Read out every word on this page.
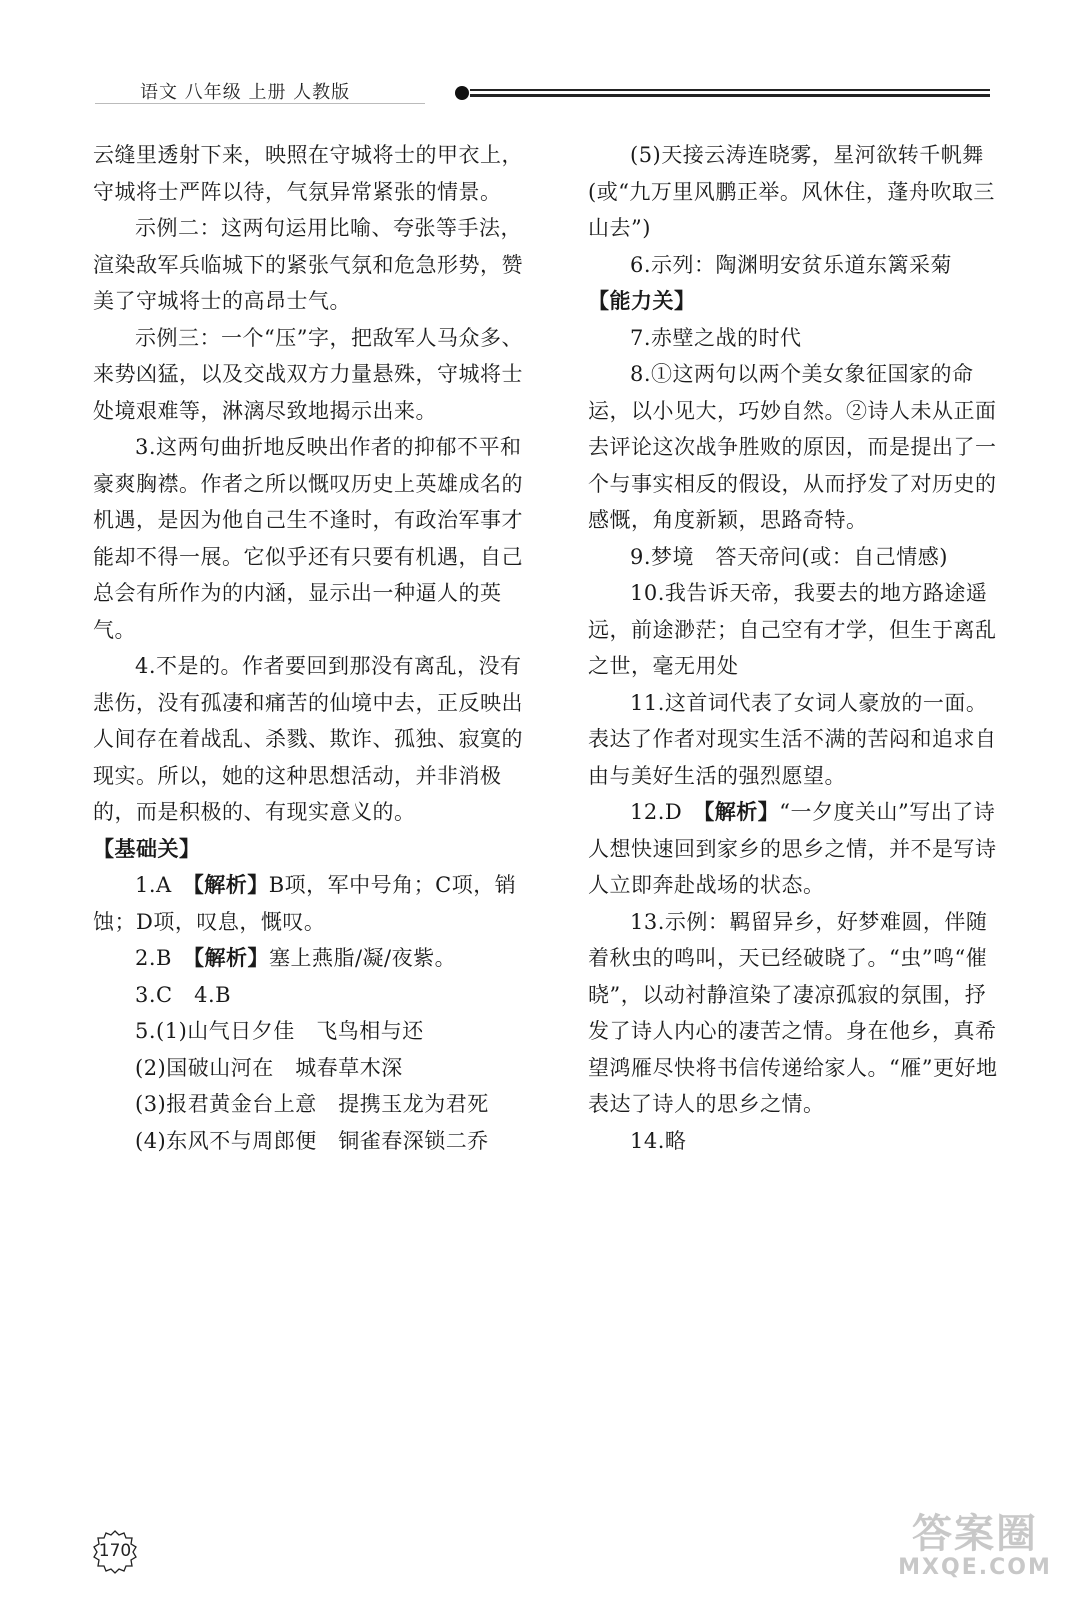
语文 八年级 上册 人教版

云缝里透射下来，映照在守城将士的甲衣上，守城将士严阵以待，气氛异常紧张的情景。

示例二：这两句运用比喻、夸张等手法，渲染敌军兵临城下的紧张气氛和危急形势，赞美了守城将士的高昂士气。

示例三：一个“压”字，把敌军人马众多、来势凶猛，以及交战双方力量悬殊，守城将士处境艰难等，淋漓尽致地揭示出来。

3.这两句曲折地反映出作者的抑郁不平和豪爽胸襟。作者之所以慨叹历史上英雄成名的机遇，是因为他自己生不逢时，有政治军事才能却不得一展。它似乎还有只要有机遇，自己总会有所作为的内涵，显示出一种逼人的英气。

4.不是的。作者要回到那没有离乱，没有悲伤，没有孤凄和痛苦的仙境中去，正反映出人间存在着战乱、杀戮、欺诈、孤独、寂寞的现实。所以，她的这种思想活动，并非消极的，而是积极的、有现实意义的。

【基础关】

1.A　【解析】B项，军中号角；C项，销蚀；D项，叹息，慨叹。

2.B　【解析】塞上燕脂/凝/夜紫。

3.C　4.B

5.(1)山气日夕佳　飞鸟相与还

(2)国破山河在　城春草木深

(3)报君黄金台上意　提携玉龙为君死

(4)东风不与周郎便　铜雀春深锁二乔

(5)天接云涛连晓雾，星河欲转千帆舞(或“九万里风鹏正举。风休住，蓬舟吹取三山去”)

6.示列：陶渊明安贫乐道东篱采菊

【能力关】

7.赤壁之战的时代

8.①这两句以两个美女象征国家的命运，以小见大，巧妙自然。②诗人未从正面去评论这次战争胜败的原因，而是提出了一个与事实相反的假设，从而抒发了对历史的感慨，角度新颖，思路奇特。

9.梦境　答天帝问(或：自己情感)

10.我告诉天帝，我要去的地方路途遥远，前途渺茫；自己空有才学，但生于离乱之世，毫无用处

11.这首词代表了女词人豪放的一面。表达了作者对现实生活不满的苦闷和追求自由与美好生活的强烈愿望。

12.D　【解析】“一夕度关山”写出了诗人想快速回到家乡的思乡之情，并不是写诗人立即奔赴战场的状态。

13.示例：羁留异乡，好梦难圆，伴随着秋虫的鸣叫，天已经破晓了。“虫”鸣“催晓”，以动衬静渲染了凄凉孤寂的氛围，抒发了诗人内心的凄苦之情。身在他乡，真希望鸿雁尽快将书信传递给家人。“雁”更好地表达了诗人的思乡之情。

14.略

170	答案圈
MXQE.COM
